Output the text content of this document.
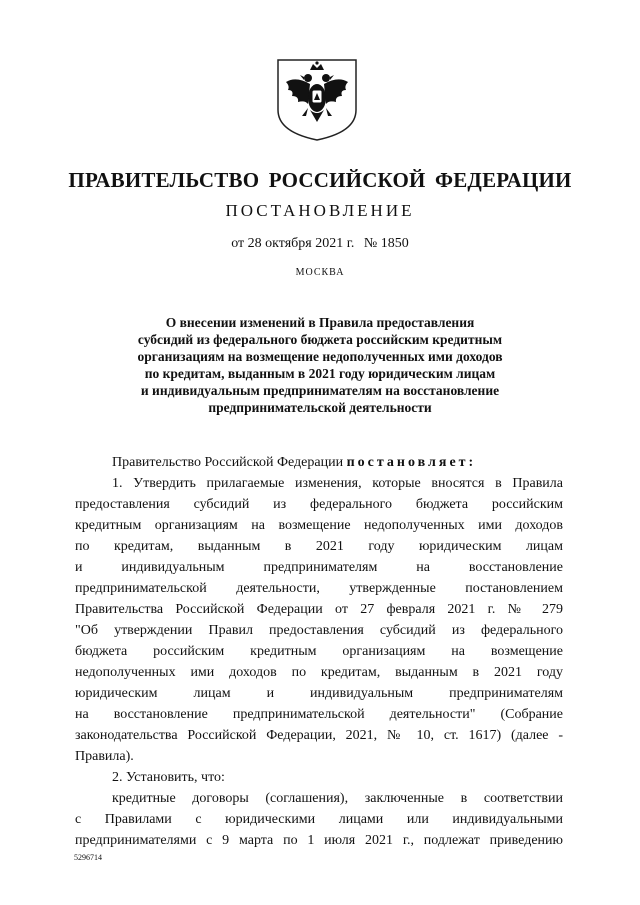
ПРАВИТЕЛЬСТВО РОССИЙСКОЙ ФЕДЕРАЦИИ
ПОСТАНОВЛЕНИЕ
от 28 октября 2021 г. № 1850
МОСКВА
О внесении изменений в Правила предоставления
субсидий из федерального бюджета российским кредитным
организациям на возмещение недополученных ими доходов
по кредитам, выданным в 2021 году юридическим лицам
и индивидуальным предпринимателям на восстановление
предпринимательской деятельности
Правительство Российской Федерации постановляет:
1. Утвердить прилагаемые изменения, которые вносятся в Правила
предоставления субсидий из федерального бюджета российским
кредитным организациям на возмещение недополученных ими доходов
по кредитам, выданным в 2021 году юридическим лицам
и индивидуальным предпринимателям на восстановление
предпринимательской деятельности, утвержденные постановлением
Правительства Российской Федерации от 27 февраля 2021 г. № 279
"Об утверждении Правил предоставления субсидий из федерального
бюджета российским кредитным организациям на возмещение
недополученных ими доходов по кредитам, выданным в 2021 году
юридическим лицам и индивидуальным предпринимателям
на восстановление предпринимательской деятельности" (Собрание
законодательства Российской Федерации, 2021, № 10, ст. 1617) (далее -
Правила).
2. Установить, что:
кредитные договоры (соглашения), заключенные в соответствии
с Правилами с юридическими лицами или индивидуальными
предпринимателями с 9 марта по 1 июля 2021 г., подлежат приведению
5296714
